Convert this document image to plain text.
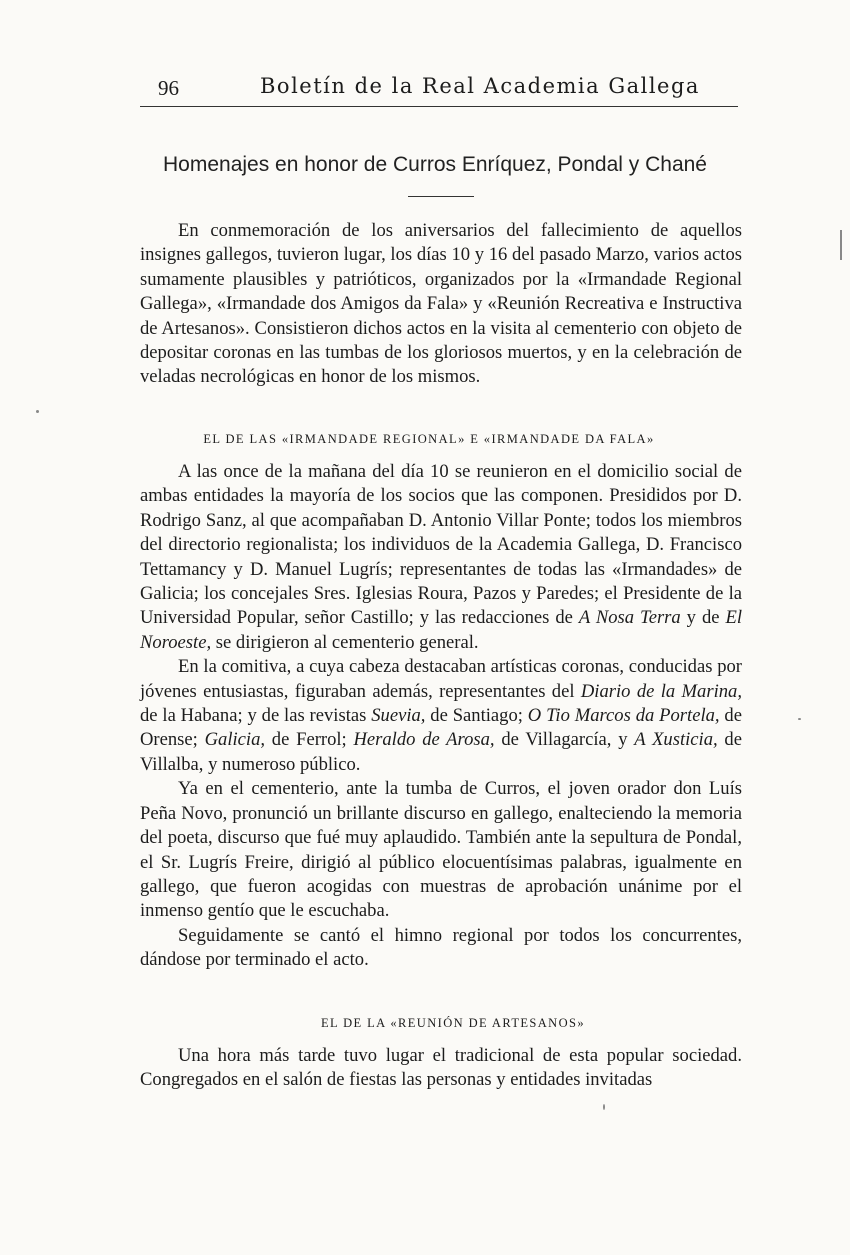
96	Boletín de la Real Academia Gallega
Homenajes en honor de Curros Enríquez, Pondal y Chané

En conmemoración de los aniversarios del fallecimiento de aquellos insignes gallegos, tuvieron lugar, los días 10 y 16 del pasado Marzo, varios actos sumamente plausibles y patrióticos, organizados por la «Irmandade Regional Gallega», «Irmandade dos Amigos da Fala» y «Reunión Recreativa e Instructiva de Artesanos». Consistieron dichos actos en la visita al cementerio con objeto de depositar coronas en las tumbas de los gloriosos muertos, y en la celebración de veladas necrológicas en honor de los mismos.

EL DE LAS «IRMANDADE REGIONAL» E «IRMANDADE DA FALA»

A las once de la mañana del día 10 se reunieron en el domicilio social de ambas entidades la mayoría de los socios que las componen. Presididos por D. Rodrigo Sanz, al que acompañaban D. Antonio Villar Ponte; todos los miembros del directorio regionalista; los individuos de la Academia Gallega, D. Francisco Tettamancy y D. Manuel Lugrís; representantes de todas las «Irmandades» de Galicia; los concejales Sres. Iglesias Roura, Pazos y Paredes; el Presidente de la Universidad Popular, señor Castillo; y las redacciones de A Nosa Terra y de El Noroeste, se dirigieron al cementerio general.

En la comitiva, a cuya cabeza destacaban artísticas coronas, conducidas por jóvenes entusiastas, figuraban además, representantes del Diario de la Marina, de la Habana; y de las revistas Suevia, de Santiago; O Tio Marcos da Portela, de Orense; Galicia, de Ferrol; Heraldo de Arosa, de Villagarcía, y A Xusticia, de Villalba, y numeroso público.

Ya en el cementerio, ante la tumba de Curros, el joven orador don Luís Peña Novo, pronunció un brillante discurso en gallego, enalteciendo la memoria del poeta, discurso que fué muy aplaudido. También ante la sepultura de Pondal, el Sr. Lugrís Freire, dirigió al público elocuentísimas palabras, igualmente en gallego, que fueron acogidas con muestras de aprobación unánime por el inmenso gentío que le escuchaba.

Seguidamente se cantó el himno regional por todos los concurrentes, dándose por terminado el acto.

EL DE LA «REUNIÓN DE ARTESANOS»

Una hora más tarde tuvo lugar el tradicional de esta popular sociedad. Congregados en el salón de fiestas las personas y entidades invitadas
